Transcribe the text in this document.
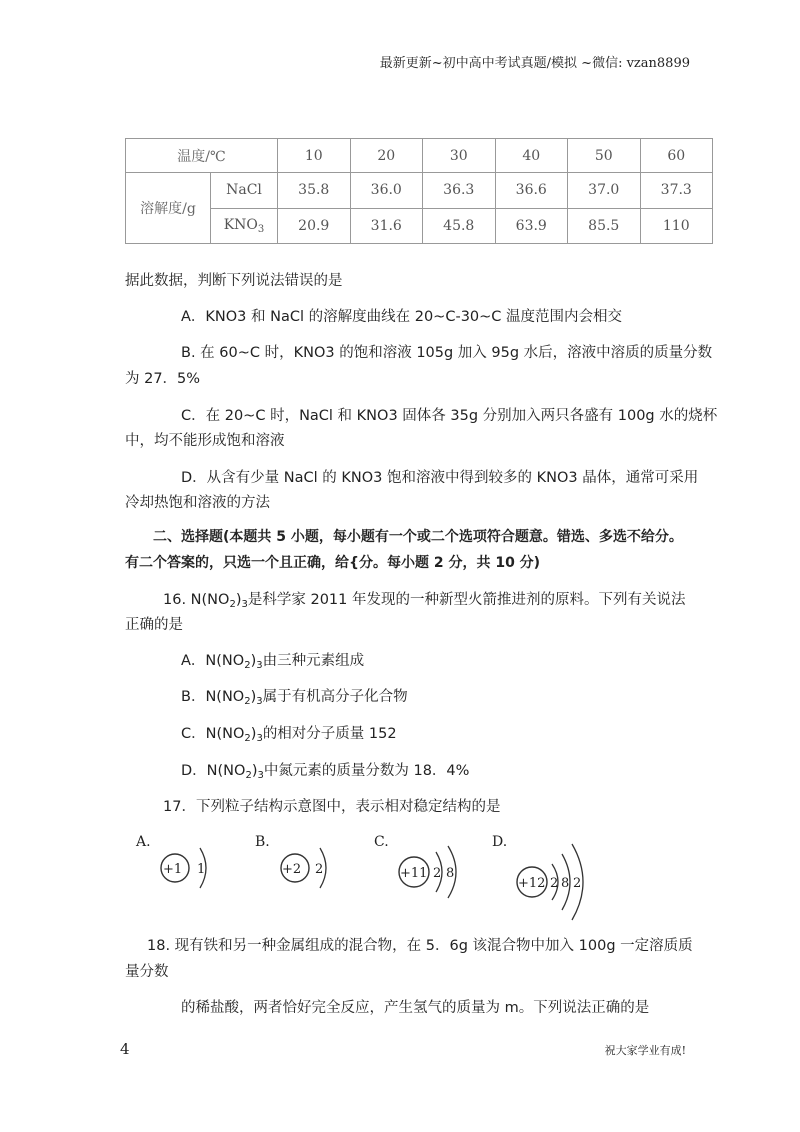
最新更新~初中高中考试真题/模拟 ~微信: vzan8899
温度/℃		10	20	30	40	50	60
溶解度/g	NaCl	35.8	36.0	36.3	36.6	37.0	37.3
	$KNO_3$	20.9	31.6	45.8	63.9	85.5	110
据此数据，判断下列说法错误的是
A．KNO3 和 NaCl 的溶解度曲线在 20~C-30~C 温度范围内会相交
B. 在 60~C 时，KNO3 的饱和溶液 105g 加入 95g 水后，溶液中溶质的质量分数
为 27．5%
C．在 20~C 时，NaCl 和 KNO3 固体各 35g 分别加入两只各盛有 100g 水的烧杯
中，均不能形成饱和溶液
D．从含有少量 NaCl 的 KNO3 饱和溶液中得到较多的 KNO3 晶体，通常可采用
冷却热饱和溶液的方法
二、选择题(本题共 5 小题，每小题有一个或二个选项符合题意。错选、多选不给分。
有二个答案的，只选一个且正确，给{分。每小题 2 分，共 10 分)
16. $N(NO_2)_3$是科学家 2011 年发现的一种新型火箭推进剂的原料。下列有关说法
正确的是
A．$N(NO_2)_3$由三种元素组成
B．$N(NO_2)_3$属于有机高分子化合物
C．$N(NO_2)_3$的相对分子质量 152
D．$N(NO_2)_3$中氮元素的质量分数为 18．4%
17．下列粒子结构示意图中，表示相对稳定结构的是
A.
+1 1
B.
+2 2
C.
+11 2 8
D.
+12 2 8 2
18. 现有铁和另一种金属组成的混合物，在 5．6g 该混合物中加入 100g 一定溶质质
量分数
的稀盐酸，两者恰好完全反应，产生氢气的质量为 m。下列说法正确的是
4	祝大家学业有成!
